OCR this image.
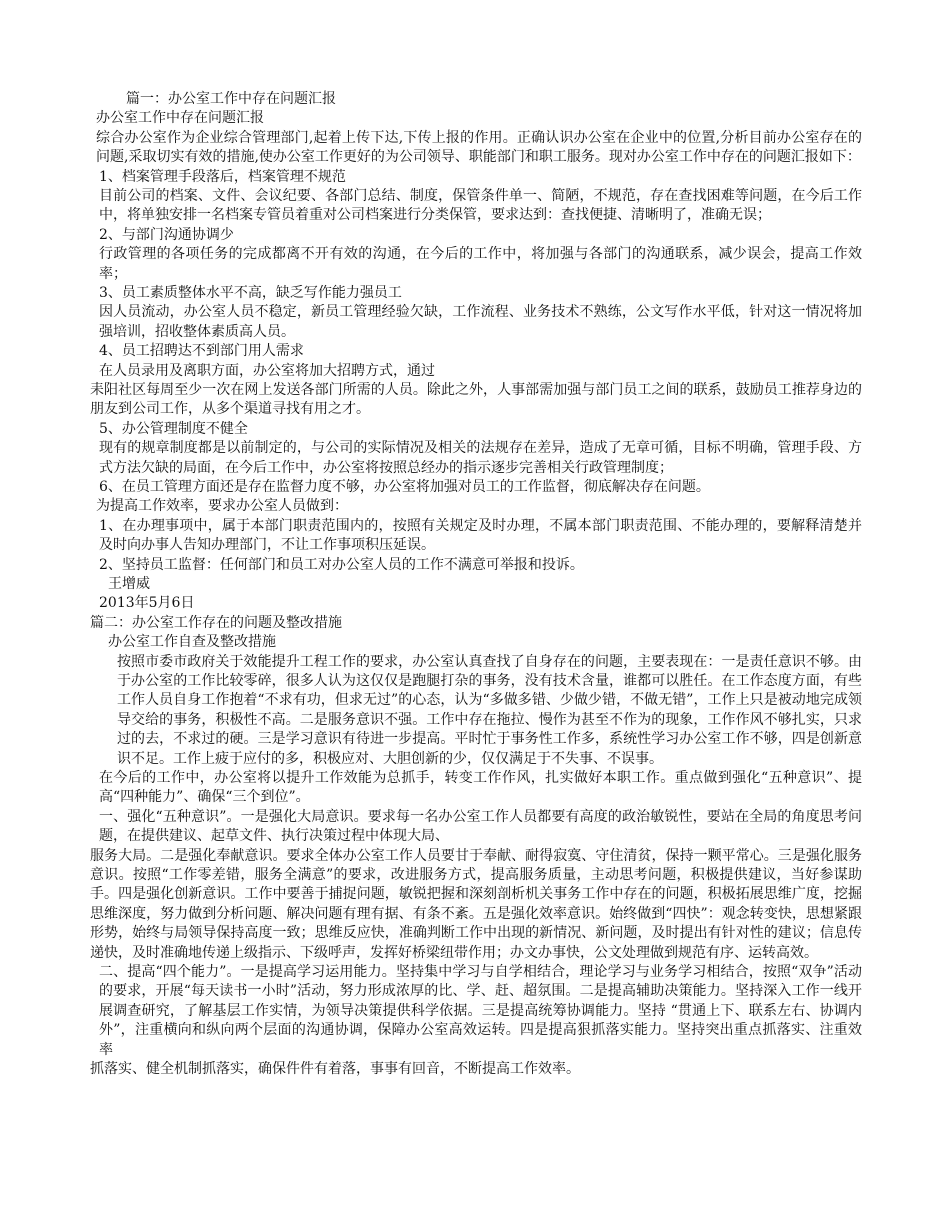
篇一：办公室工作中存在问题汇报
办公室工作中存在问题汇报
综合办公室作为企业综合管理部门,起着上传下达,下传上报的作用。正确认识办公室在企业中的位置,分析目前办公室存在的问题,采取切实有效的措施,使办公室工作更好的为公司领导、职能部门和职工服务。现对办公室工作中存在的问题汇报如下：
1、档案管理手段落后，档案管理不规范
目前公司的档案、文件、会议纪要、各部门总结、制度，保管条件单一、简陋，不规范，存在查找困难等问题，在今后工作中，将单独安排一名档案专管员着重对公司档案进行分类保管，要求达到：查找便捷、清晰明了，准确无误；
2、与部门沟通协调少
行政管理的各项任务的完成都离不开有效的沟通，在今后的工作中，将加强与各部门的沟通联系，减少误会，提高工作效率；
3、员工素质整体水平不高，缺乏写作能力强员工
因人员流动，办公室人员不稳定，新员工管理经验欠缺，工作流程、业务技术不熟练，公文写作水平低，针对这一情况将加强培训，招收整体素质高人员。
4、员工招聘达不到部门用人需求
在人员录用及离职方面，办公室将加大招聘方式，通过
耒阳社区每周至少一次在网上发送各部门所需的人员。除此之外，人事部需加强与部门员工之间的联系，鼓励员工推荐身边的朋友到公司工作，从多个渠道寻找有用之才。
5、办公管理制度不健全
现有的规章制度都是以前制定的，与公司的实际情况及相关的法规存在差异，造成了无章可循，目标不明确，管理手段、方式方法欠缺的局面，在今后工作中，办公室将按照总经办的指示逐步完善相关行政管理制度；
6、在员工管理方面还是存在监督力度不够，办公室将加强对员工的工作监督，彻底解决存在问题。
为提高工作效率，要求办公室人员做到：
1、在办理事项中，属于本部门职责范围内的，按照有关规定及时办理，不属本部门职责范围、不能办理的，要解释清楚并及时向办事人告知办理部门，不让工作事项积压延误。
2、坚持员工监督：任何部门和员工对办公室人员的工作不满意可举报和投诉。
王增威
2013年5月6日
篇二：办公室工作存在的问题及整改措施
办公室工作自查及整改措施
按照市委市政府关于效能提升工程工作的要求，办公室认真查找了自身存在的问题，主要表现在：一是责任意识不够。由于办公室的工作比较零碎，很多人认为这仅仅是跑腿打杂的事务，没有技术含量，谁都可以胜任。在工作态度方面，有些工作人员自身工作抱着“不求有功，但求无过”的心态，认为“多做多错、少做少错，不做无错”，工作上只是被动地完成领导交给的事务，积极性不高。二是服务意识不强。工作中存在拖拉、慢作为甚至不作为的现象，工作作风不够扎实，只求过的去，不求过的硬。三是学习意识有待进一步提高。平时忙于事务性工作多，系统性学习办公室工作不够，四是创新意识不足。工作上疲于应付的多，积极应对、大胆创新的少，仅仅满足于不失事、不误事。
在今后的工作中，办公室将以提升工作效能为总抓手，转变工作作风，扎实做好本职工作。重点做到强化“五种意识”、提高“四种能力”、确保“三个到位”。
一、强化“五种意识”。一是强化大局意识。要求每一名办公室工作人员都要有高度的政治敏锐性，要站在全局的角度思考问题，在提供建议、起草文件、执行决策过程中体现大局、
服务大局。二是强化奉献意识。要求全体办公室工作人员要甘于奉献、耐得寂寞、守住清贫，保持一颗平常心。三是强化服务意识。按照“工作零差错，服务全满意”的要求，改进服务方式，提高服务质量，主动思考问题，积极提供建议，当好参谋助手。四是强化创新意识。工作中要善于捕捉问题，敏锐把握和深刻剖析机关事务工作中存在的问题，积极拓展思维广度，挖掘思维深度，努力做到分析问题、解决问题有理有据、有条不紊。五是强化效率意识。始终做到“四快”：观念转变快，思想紧跟形势，始终与局领导保持高度一致；思维反应快，准确判断工作中出现的新情况、新问题，及时提出有针对性的建议；信息传递快，及时准确地传递上级指示、下级呼声，发挥好桥梁纽带作用；办文办事快，公文处理做到规范有序、运转高效。
二、提高“四个能力”。一是提高学习运用能力。坚持集中学习与自学相结合，理论学习与业务学习相结合，按照“双争”活动的要求，开展“每天读书一小时”活动，努力形成浓厚的比、学、赶、超氛围。二是提高辅助决策能力。坚持深入工作一线开展调查研究，了解基层工作实情，为领导决策提供科学依据。三是提高统筹协调能力。坚持 “贯通上下、联系左右、协调内外”，注重横向和纵向两个层面的沟通协调，保障办公室高效运转。四是提高狠抓落实能力。坚持突出重点抓落实、注重效率
抓落实、健全机制抓落实，确保件件有着落，事事有回音，不断提高工作效率。
